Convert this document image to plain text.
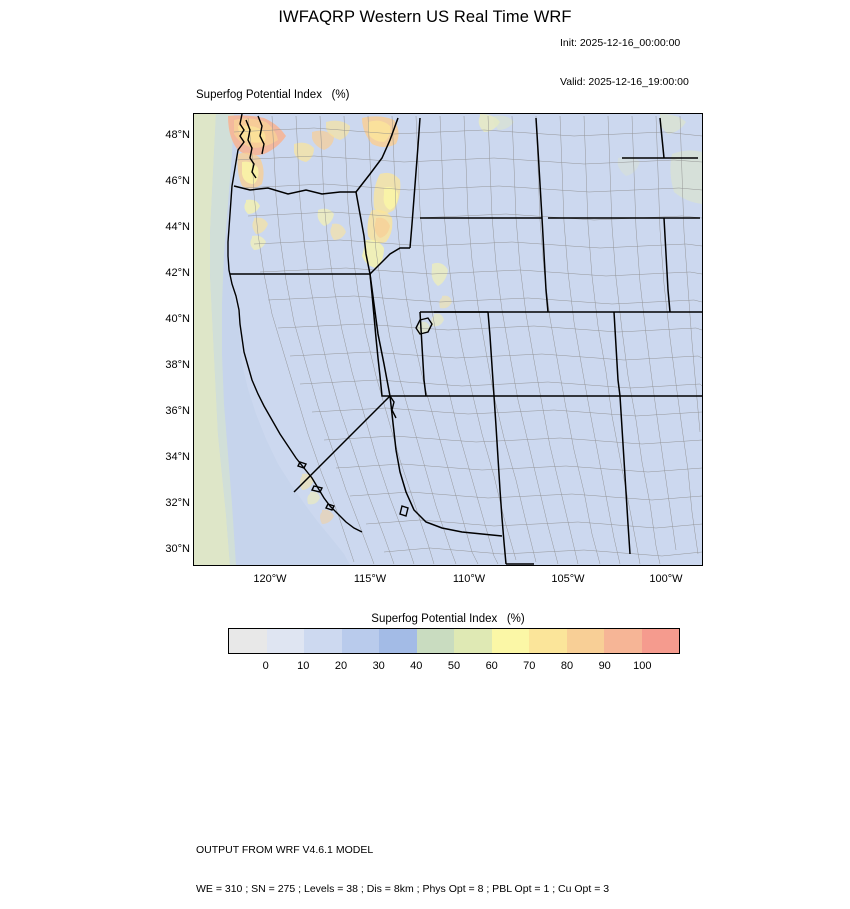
IWFAQRP Western US Real Time WRF

Init: 2025-12-16_00:00:00

Valid: 2025-12-16_19:00:00

Superfog Potential Index   (%)
48°N
46°N
44°N
42°N
40°N
38°N
36°N
34°N
32°N
30°N
120°W	115°W	110°W	105°W	100°W
Superfog Potential Index   (%)
0	10 20 30 40 50 60 70 80 90 100

OUTPUT FROM WRF V4.6.1 MODEL

WE = 310 ; SN = 275 ; Levels = 38 ; Dis = 8km ; Phys Opt = 8 ; PBL Opt = 1 ; Cu Opt = 3
